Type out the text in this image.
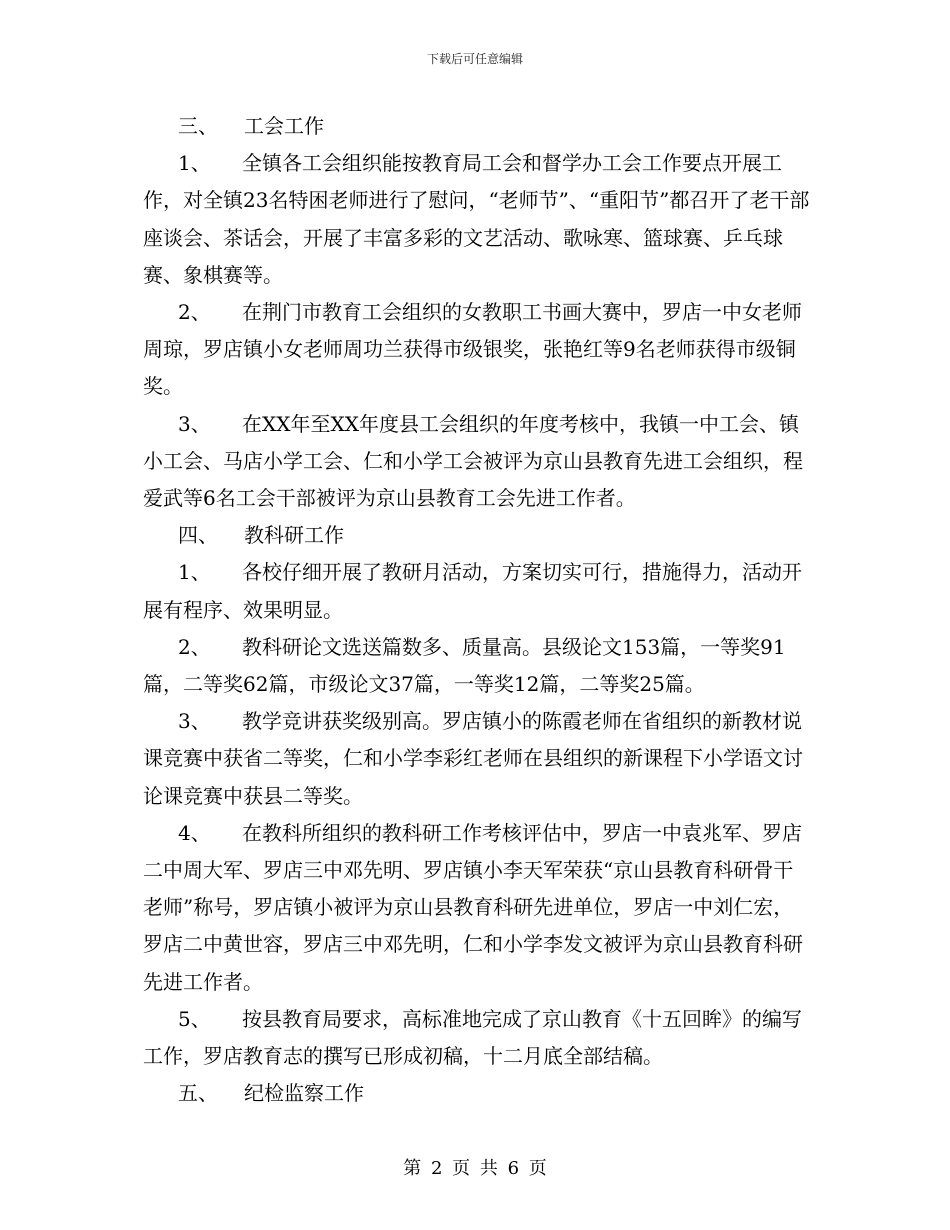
下载后可任意编辑

三、 工会工作

1、 全镇各工会组织能按教育局工会和督学办工会工作要点开展工作，对全镇23名特困老师进行了慰问，“老师节”、“重阳节”都召开了老干部座谈会、茶话会，开展了丰富多彩的文艺活动、歌咏寒、篮球赛、乒乓球赛、象棋赛等。

2、 在荆门市教育工会组织的女教职工书画大赛中，罗店一中女老师周琼，罗店镇小女老师周功兰获得市级银奖，张艳红等9名老师获得市级铜奖。

3、 在XX年至XX年度县工会组织的年度考核中，我镇一中工会、镇小工会、马店小学工会、仁和小学工会被评为京山县教育先进工会组织，程爱武等6名工会干部被评为京山县教育工会先进工作者。

四、 教科研工作

1、 各校仔细开展了教研月活动，方案切实可行，措施得力，活动开展有程序、效果明显。

2、 教科研论文选送篇数多、质量高。县级论文153篇，一等奖91篇，二等奖62篇，市级论文37篇，一等奖12篇，二等奖25篇。

3、 教学竞讲获奖级别高。罗店镇小的陈霞老师在省组织的新教材说课竞赛中获省二等奖，仁和小学李彩红老师在县组织的新课程下小学语文讨论课竞赛中获县二等奖。

4、 在教科所组织的教科研工作考核评估中，罗店一中袁兆军、罗店二中周大军、罗店三中邓先明、罗店镇小李天军荣获“京山县教育科研骨干老师”称号，罗店镇小被评为京山县教育科研先进单位，罗店一中刘仁宏，罗店二中黄世容，罗店三中邓先明，仁和小学李发文被评为京山县教育科研先进工作者。

5、 按县教育局要求，高标准地完成了京山教育《十五回眸》的编写工作，罗店教育志的撰写已形成初稿，十二月底全部结稿。

五、 纪检监察工作

第 2 页 共 6 页
